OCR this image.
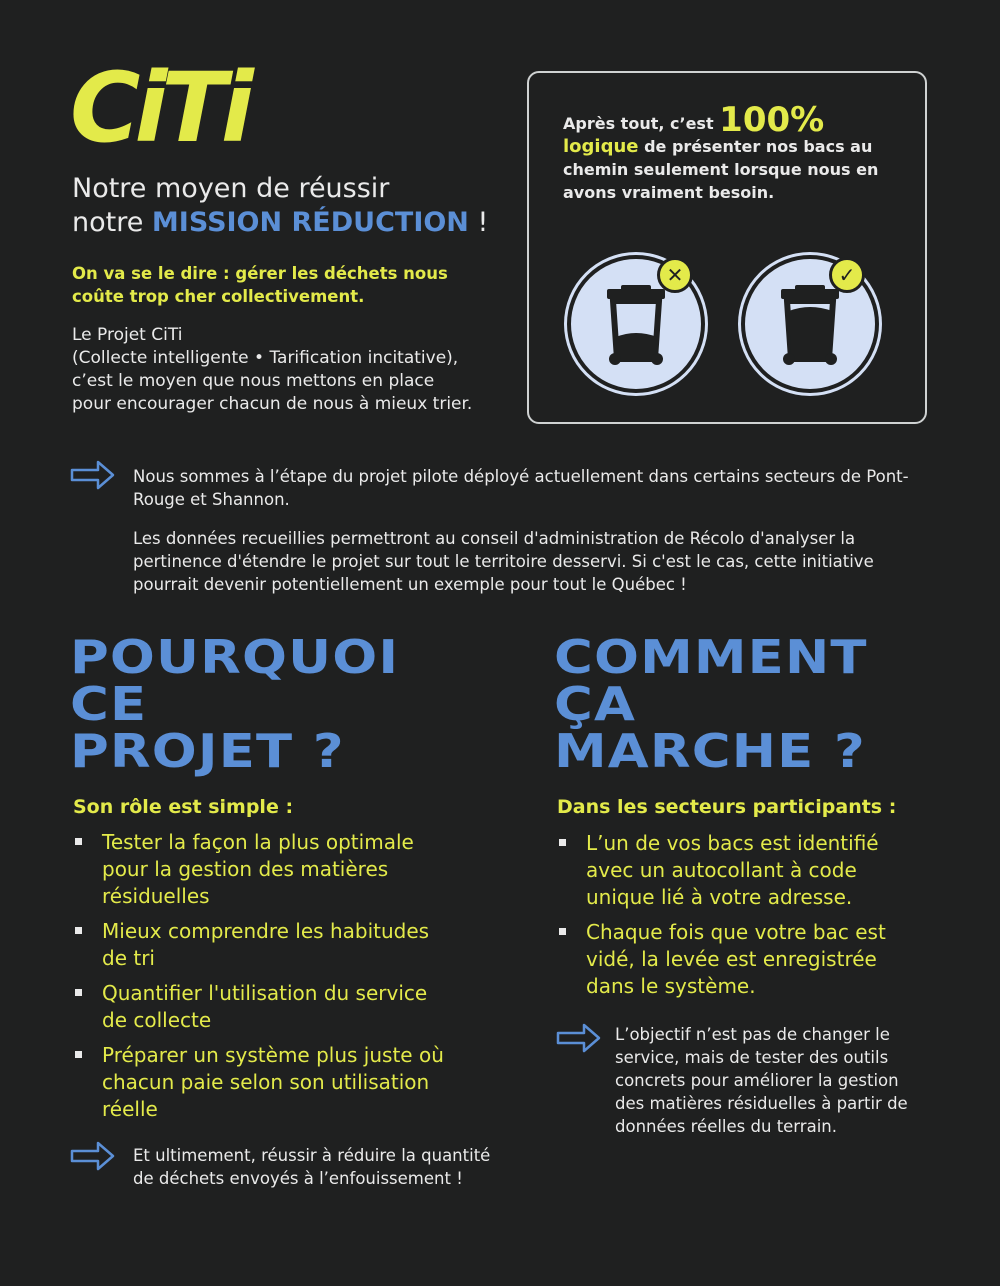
CiTi
Notre moyen de réussir
notre MISSION RÉDUCTION !
On va se le dire : gérer les déchets nous coûte trop cher collectivement.
Le Projet CiTi
(Collecte intelligente • Tarification incitative),
c’est le moyen que nous mettons en place
pour encourager chacun de nous à mieux trier.
Après tout, c’est 100%
logique de présenter nos bacs au chemin seulement lorsque nous en avons vraiment besoin.
✕	✓

Nous sommes à l’étape du projet pilote déployé actuellement dans certains secteurs de Pont-Rouge et Shannon.

Les données recueillies permettront au conseil d'administration de Récolo d'analyser la pertinence d'étendre le projet sur tout le territoire desservi. Si c'est le cas, cette initiative pourrait devenir potentiellement un exemple pour tout le Québec !

POURQUOI
CE
PROJET ?
Son rôle est simple :
Tester la façon la plus optimale pour la gestion des matières résiduelles
Mieux comprendre les habitudes de tri
Quantifier l'utilisation du service de collecte
Préparer un système plus juste où chacun paie selon son utilisation réelle
Et ultimement, réussir à réduire la quantité de déchets envoyés à l’enfouissement !
COMMENT
ÇA
MARCHE ?
Dans les secteurs participants :
L’un de vos bacs est identifié avec un autocollant à code unique lié à votre adresse.
Chaque fois que votre bac est vidé, la levée est enregistrée dans le système.
L’objectif n’est pas de changer le service, mais de tester des outils concrets pour améliorer la gestion des matières résiduelles à partir de données réelles du terrain.
